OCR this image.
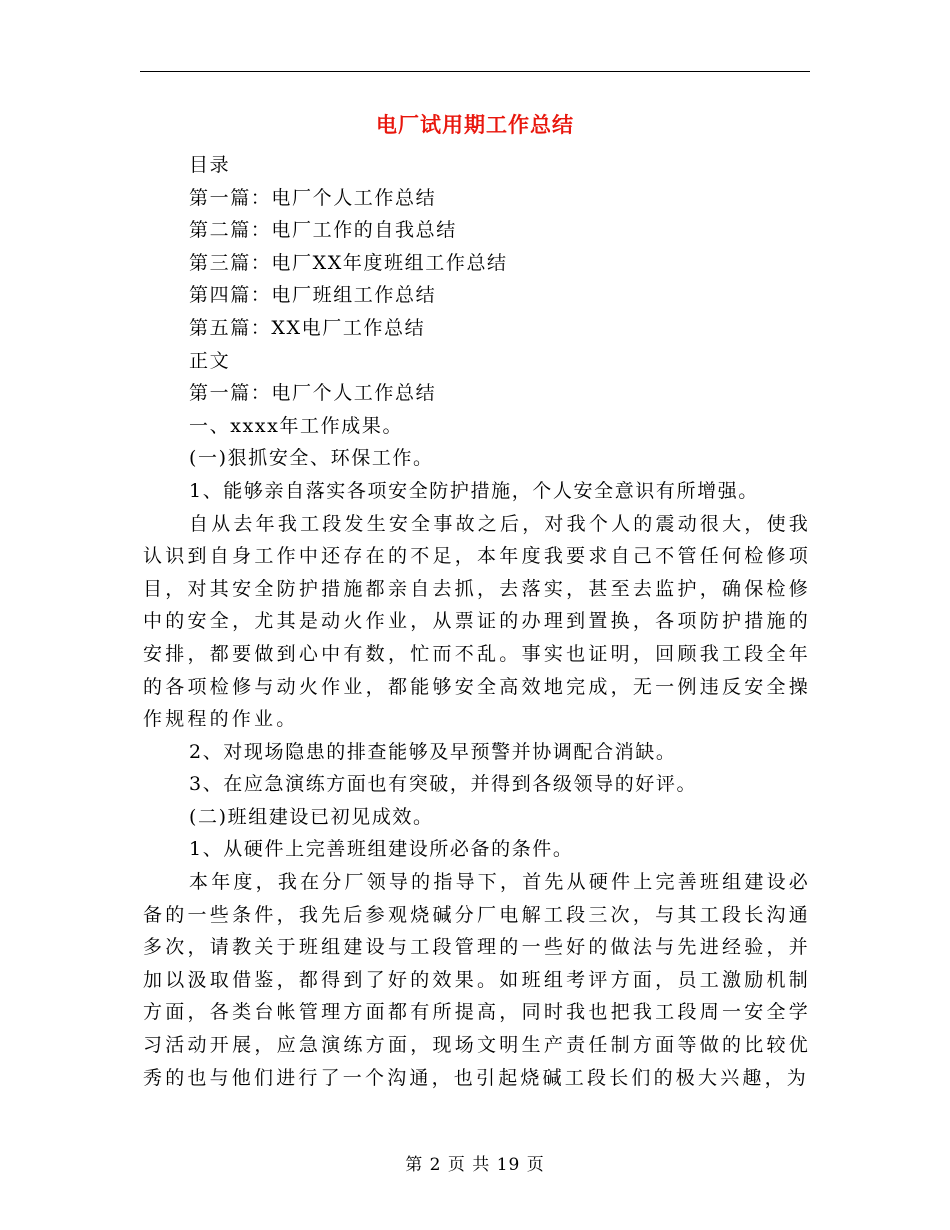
电厂试用期工作总结
目录
第一篇：电厂个人工作总结
第二篇：电厂工作的自我总结
第三篇：电厂XX年度班组工作总结
第四篇：电厂班组工作总结
第五篇：XX电厂工作总结
正文
第一篇：电厂个人工作总结
一、xxxx年工作成果。
(一)狠抓安全、环保工作。
1、能够亲自落实各项安全防护措施，个人安全意识有所增强。
自从去年我工段发生安全事故之后，对我个人的震动很大，使我认识到自身工作中还存在的不足，本年度我要求自己不管任何检修项目，对其安全防护措施都亲自去抓，去落实，甚至去监护，确保检修中的安全，尤其是动火作业，从票证的办理到置换，各项防护措施的安排，都要做到心中有数，忙而不乱。事实也证明，回顾我工段全年的各项检修与动火作业，都能够安全高效地完成，无一例违反安全操作规程的作业。
2、对现场隐患的排查能够及早预警并协调配合消缺。
3、在应急演练方面也有突破，并得到各级领导的好评。
(二)班组建设已初见成效。
1、从硬件上完善班组建设所必备的条件。
本年度，我在分厂领导的指导下，首先从硬件上完善班组建设必备的一些条件，我先后参观烧碱分厂电解工段三次，与其工段长沟通多次，请教关于班组建设与工段管理的一些好的做法与先进经验，并加以汲取借鉴，都得到了好的效果。如班组考评方面，员工激励机制方面，各类台帐管理方面都有所提高，同时我也把我工段周一安全学习活动开展，应急演练方面，现场文明生产责任制方面等做的比较优秀的也与他们进行了一个沟通，也引起烧碱工段长们的极大兴趣，为
第 2 页 共 19 页
